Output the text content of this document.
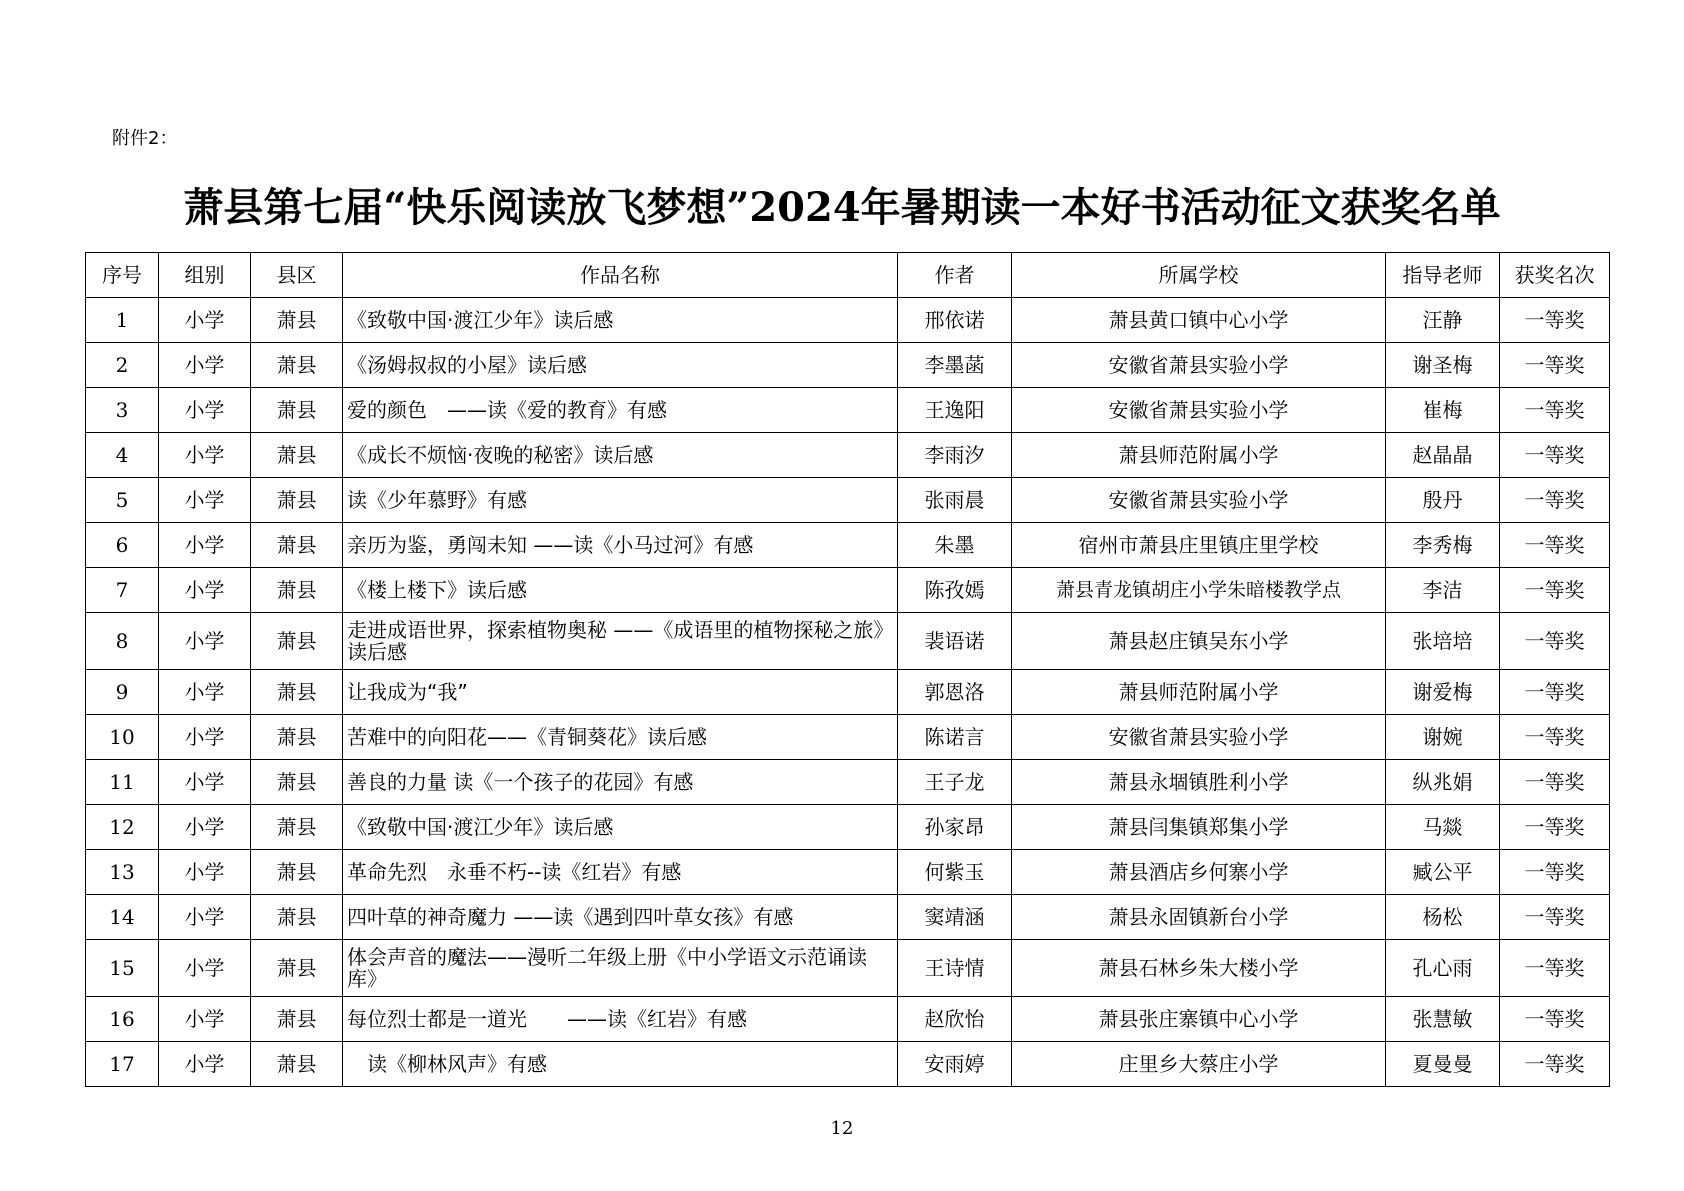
附件2：
萧县第七届“快乐阅读放飞梦想”2024年暑期读一本好书活动征文获奖名单
序号	组别	县区	作品名称	作者	所属学校	指导老师	获奖名次
1	小学	萧县	《致敬中国·渡江少年》读后感	邢依诺	萧县黄口镇中心小学	汪静	一等奖
2	小学	萧县	《汤姆叔叔的小屋》读后感	李墨菡	安徽省萧县实验小学	谢圣梅	一等奖
3	小学	萧县	爱的颜色　——读《爱的教育》有感	王逸阳	安徽省萧县实验小学	崔梅	一等奖
4	小学	萧县	《成长不烦恼·夜晚的秘密》读后感	李雨汐	萧县师范附属小学	赵晶晶	一等奖
5	小学	萧县	读《少年慕野》有感	张雨晨	安徽省萧县实验小学	殷丹	一等奖
6	小学	萧县	亲历为鉴，勇闯未知 ——读《小马过河》有感	朱墨	宿州市萧县庄里镇庄里学校	李秀梅	一等奖
7	小学	萧县	《楼上楼下》读后感	陈孜嫣	萧县青龙镇胡庄小学朱暗楼教学点	李洁	一等奖
8	小学	萧县	走进成语世界，探索植物奥秘 ——《成语里的植物探秘之旅》读后感	裴语诺	萧县赵庄镇吴东小学	张培培	一等奖
9	小学	萧县	让我成为“我”	郭恩洛	萧县师范附属小学	谢爱梅	一等奖
10	小学	萧县	苦难中的向阳花——《青铜葵花》读后感	陈诺言	安徽省萧县实验小学	谢婉	一等奖
11	小学	萧县	善良的力量 读《一个孩子的花园》有感	王子龙	萧县永堌镇胜利小学	纵兆娟	一等奖
12	小学	萧县	《致敬中国·渡江少年》读后感	孙家昂	萧县闫集镇郑集小学	马燚	一等奖
13	小学	萧县	革命先烈　永垂不朽--读《红岩》有感	何紫玉	萧县酒店乡何寨小学	臧公平	一等奖
14	小学	萧县	四叶草的神奇魔力 ——读《遇到四叶草女孩》有感	窦靖涵	萧县永固镇新台小学	杨松	一等奖
15	小学	萧县	体会声音的魔法——漫听二年级上册《中小学语文示范诵读库》	王诗情	萧县石林乡朱大楼小学	孔心雨	一等奖
16	小学	萧县	每位烈士都是一道光　　——读《红岩》有感	赵欣怡	萧县张庄寨镇中心小学	张慧敏	一等奖
17	小学	萧县	　读《柳林风声》有感	安雨婷	庄里乡大蔡庄小学	夏曼曼	一等奖
12
